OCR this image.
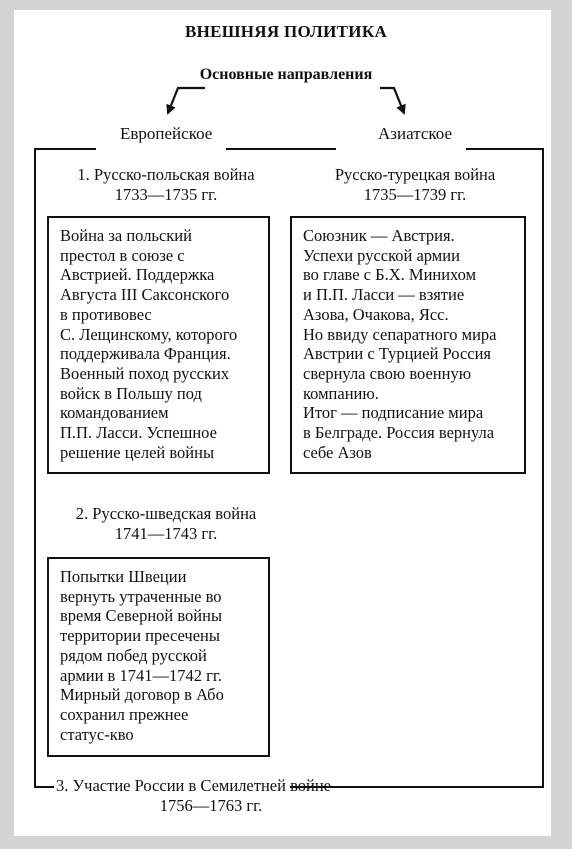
ВНЕШНЯЯ ПОЛИТИКА
Основные направления
Европейское	Азиатское
1. Русско-польская война
1733—1735 гг.
Война за польский
престол в союзе с
Австрией. Поддержка
Августа III Саксонского
в противовес
С. Лещинскому, которого
поддерживала Франция.
Военный поход русских
войск в Польшу под
командованием
П.П. Ласси. Успешное
решение целей войны
Русско-турецкая война
1735—1739 гг.
Союзник — Австрия.
Успехи русской армии
во главе с Б.Х. Минихом
и П.П. Ласси — взятие
Азова, Очакова, Ясс.
Но ввиду сепаратного мира
Австрии с Турцией Россия
свернула свою военную
компанию.
Итог — подписание мира
в Белграде. Россия вернула
себе Азов
2. Русско-шведская война
1741—1743 гг.
Попытки Швеции
вернуть утраченные во
время Северной войны
территории пресечены
рядом побед русской
армии в 1741—1742 гг.
Мирный договор в Або
сохранил прежнее
статус-кво
3. Участие России в Семилетней войне
1756—1763 гг.
